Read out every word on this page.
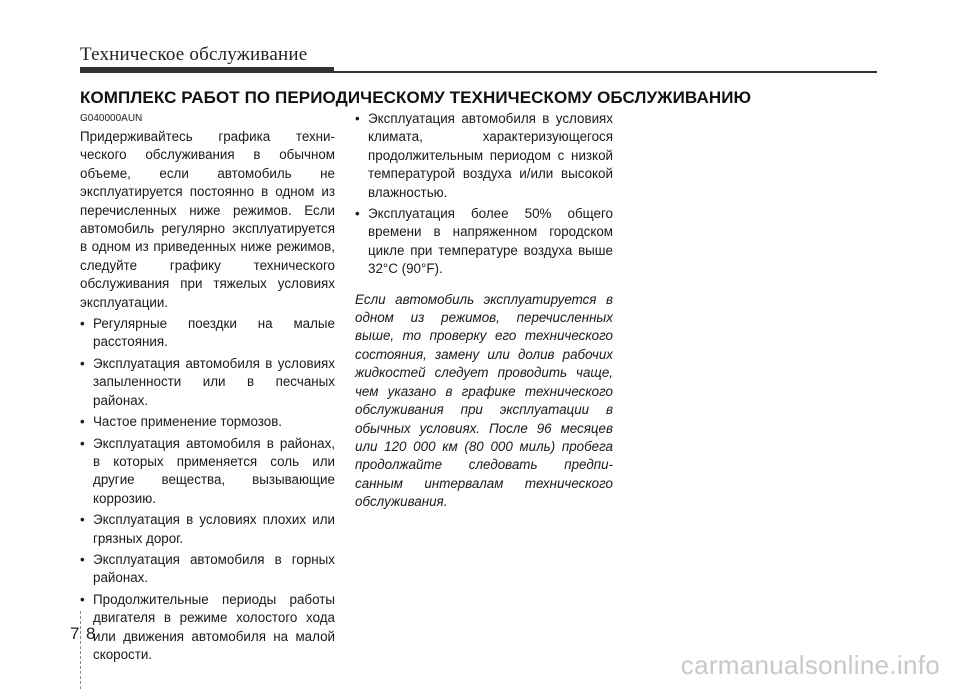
Техническое обслуживание
КОМПЛЕКС РАБОТ ПО ПЕРИОДИЧЕСКОМУ ТЕХНИЧЕСКОМУ ОБСЛУЖИВАНИЮ
G040000AUN

Придерживайтесь графика техни- ческого обслуживания в обычном объеме, если автомобиль не эксплуатируется постоянно в одном из перечисленных ниже режимов. Если автомобиль регулярно эксплуатируется в одном из приведенных ниже режимов, следуйте графику технического обслуживания при тяжелых условиях эксплуатации.

• Регулярные поездки на малые расстояния.
• Эксплуатация автомобиля в условиях запыленности или в песчаных районах.
• Частое применение тормозов.
• Эксплуатация автомобиля в районах, в которых применяется соль или другие вещества, вызывающие коррозию.
• Эксплуатация в условиях плохих или грязных дорог.
• Эксплуатация автомобиля в горных районах.
• Продолжительные периоды работы двигателя в режиме холостого хода или движения автомобиля на малой скорости.
• Эксплуатация автомобиля в условиях климата, характеризующегося продолжительным периодом с низкой температурой воздуха и/или высокой влажностью.
• Эксплуатация более 50% общего времени в напряженном городском цикле при температуре воздуха выше 32°C (90°F).

Если автомобиль эксплуатируется в одном из режимов, перечисленных выше, то проверку его технического состояния, замену или долив рабочих жидкостей следует проводить чаще, чем указано в графике технического обслуживания при эксплуатации в обычных условиях. После 96 месяцев или 120 000 км (80 000 миль) пробега продолжайте следовать предпи- санным интервалам технического обслуживания.

7 8
carmanualsonline.info
